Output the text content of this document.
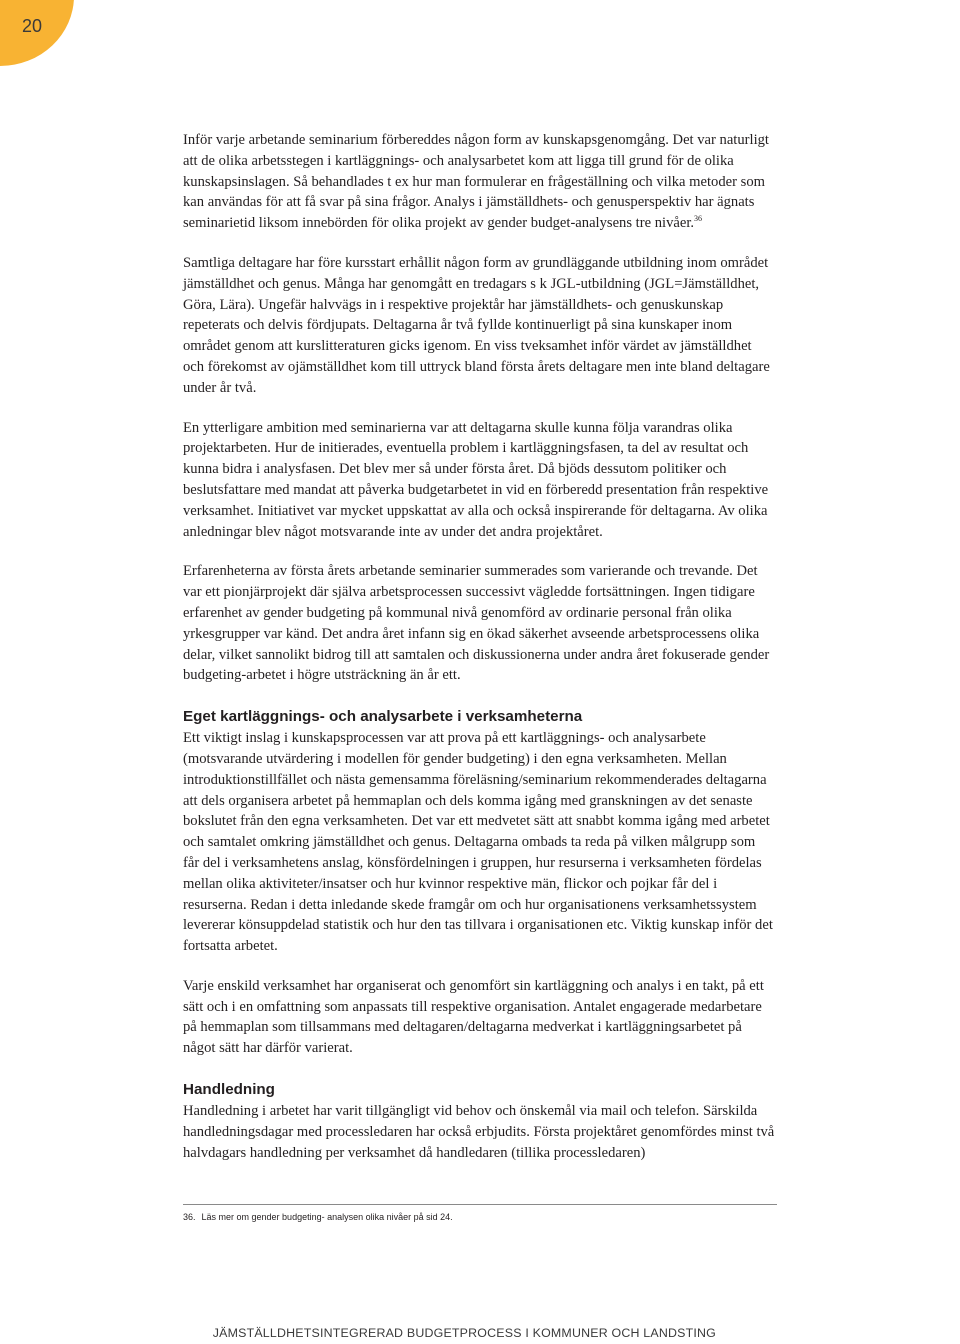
20

Inför varje arbetande seminarium förbereddes någon form av kunskapsgenomgång. Det var naturligt att de olika arbetsstegen i kartläggnings- och analysarbetet kom att ligga till grund för de olika kunskapsinslagen. Så behandlades t ex hur man formulerar en frågeställning och vilka metoder som kan användas för att få svar på sina frågor. Analys i jämställdhets- och genusperspektiv har ägnats seminarietid liksom innebörden för olika projekt av gender budget-analysens tre nivåer.$^{36}$

Samtliga deltagare har före kursstart erhållit någon form av grundläggande utbildning inom området jämställdhet och genus. Många har genomgått en tredagars s k JGL-utbildning (JGL=Jämställdhet, Göra, Lära). Ungefär halvvägs in i respektive projektår har jämställdhets- och genuskunskap repeterats och delvis fördjupats. Deltagarna år två fyllde kontinuerligt på sina kunskaper inom området genom att kurslitteraturen gicks igenom. En viss tveksamhet inför värdet av jämställdhet och förekomst av ojämställdhet kom till uttryck bland första årets deltagare men inte bland deltagare under år två.

En ytterligare ambition med seminarierna var att deltagarna skulle kunna följa varandras olika projektarbeten. Hur de initierades, eventuella problem i kartläggningsfasen, ta del av resultat och kunna bidra i analysfasen. Det blev mer så under första året. Då bjöds dessutom politiker och beslutsfattare med mandat att påverka budgetarbetet in vid en förberedd presentation från respektive verksamhet. Initiativet var mycket uppskattat av alla och också inspirerande för deltagarna. Av olika anledningar blev något motsvarande inte av under det andra projektåret.

Erfarenheterna av första årets arbetande seminarier summerades som varierande och trevande. Det var ett pionjärprojekt där själva arbetsprocessen successivt vägledde fortsättningen. Ingen tidigare erfarenhet av gender budgeting på kommunal nivå genomförd av ordinarie personal från olika yrkesgrupper var känd. Det andra året infann sig en ökad säkerhet avseende arbetsprocessens olika delar, vilket sannolikt bidrog till att samtalen och diskussionerna under andra året fokuserade gender budgeting-arbetet i högre utsträckning än år ett.

Eget kartläggnings- och analysarbete i verksamheterna

Ett viktigt inslag i kunskapsprocessen var att prova på ett kartläggnings- och analysarbete (motsvarande utvärdering i modellen för gender budgeting) i den egna verksamheten. Mellan introduktionstillfället och nästa gemensamma föreläsning/seminarium rekommenderades deltagarna att dels organisera arbetet på hemmaplan och dels komma igång med granskningen av det senaste bokslutet från den egna verksamheten. Det var ett medvetet sätt att snabbt komma igång med arbetet och samtalet omkring jämställdhet och genus. Deltagarna ombads ta reda på vilken målgrupp som får del i verksamhetens anslag, könsfördelningen i gruppen, hur resurserna i verksamheten fördelas mellan olika aktiviteter/insatser och hur kvinnor respektive män, flickor och pojkar får del i resurserna. Redan i detta inledande skede framgår om och hur organisationens verksamhetssystem levererar könsuppdelad statistik och hur den tas tillvara i organisationen etc. Viktig kunskap inför det fortsatta arbetet.

Varje enskild verksamhet har organiserat och genomfört sin kartläggning och analys i en takt, på ett sätt och i en omfattning som anpassats till respektive organisation. Antalet engagerade medarbetare på hemmaplan som tillsammans med deltagaren/deltagarna medverkat i kartläggningsarbetet på något sätt har därför varierat.

Handledning

Handledning i arbetet har varit tillgängligt vid behov och önskemål via mail och telefon. Särskilda handledningsdagar med processledaren har också erbjudits. Första projektåret genomfördes minst två halvdagars handledning per verksamhet då handledaren (tillika processledaren)

36. Läs mer om gender budgeting- analysen olika nivåer på sid 24.
JÄMSTÄLLDHETSINTEGRERAD BUDGETPROCESS I KOMMUNER OCH LANDSTING
